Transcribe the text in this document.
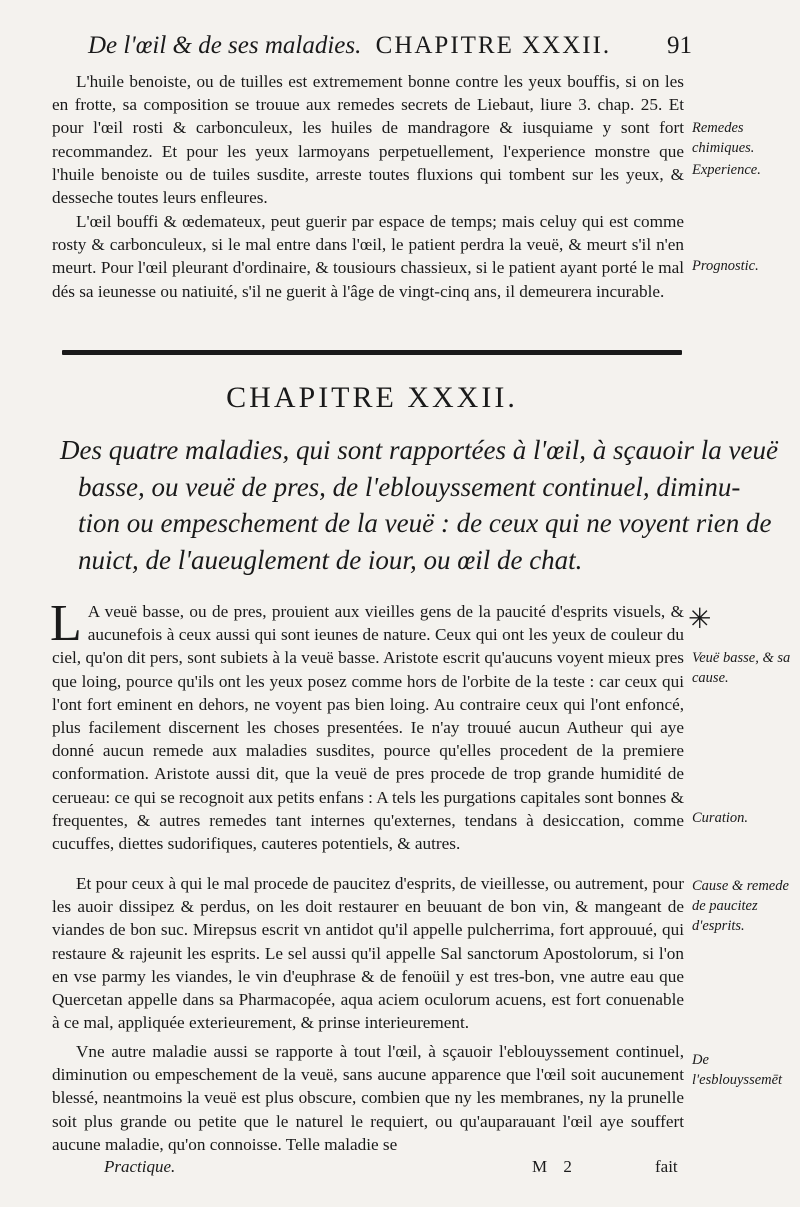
De l'œil & de ses maladies. CHAPITRE XXXII. 91

L'huile benoiste, ou de tuilles est extremement bonne contre les yeux bouffis, si on les en frotte, sa composition se trouue aux remedes secrets de Liebaut, liure 3. chap. 25. Et pour l'œil rosti & carbonculeux, les huiles de mandragore & iusquiame y sont fort recommandez. Et pour les yeux larmoyans perpetuellement, l'experience monstre que l'huile benoiste ou de tuiles susdite, arreste toutes fluxions qui tombent sur les yeux, & desseche toutes leurs enfleures.

L'œil bouffi & œdemateux, peut guerir par espace de temps; mais celuy qui est comme rosty & carbonculeux, si le mal entre dans l'œil, le patient perdra la veuë, & meurt s'il n'en meurt. Pour l'œil pleurant d'ordinaire, & tousiours chassieux, si le patient ayant porté le mal dés sa ieunesse ou natiuité, s'il ne guerit à l'âge de vingt-cinq ans, il demeurera incurable.

Remedes chimiques.

Experience.

Prognostic.

CHAPITRE XXXII.

Des quatre maladies, qui sont rapportées à l'œil, à sçauoir la veuë
basse, ou veuë de pres, de l'eblouyssement continuel, diminu-
tion ou empeschement de la veuë : de ceux qui ne voyent rien de
nuict, de l'aueuglement de iour, ou œil de chat.

L A veuë basse, ou de pres, prouient aux vieilles gens de la paucité d'esprits visuels, & aucunefois à ceux aussi qui sont ieunes de nature. Ceux qui ont les yeux de couleur du ciel, qu'on dit pers, sont subiets à la veuë basse. Aristote escrit qu'aucuns voyent mieux pres que loing, pource qu'ils ont les yeux posez comme hors de l'orbite de la teste : car ceux qui l'ont fort eminent en dehors, ne voyent pas bien loing. Au contraire ceux qui l'ont enfoncé, plus facilement discernent les choses presentées. Ie n'ay trouué aucun Autheur qui aye donné aucun remede aux maladies susdites, pource qu'elles procedent de la premiere conformation. Aristote aussi dit, que la veuë de pres procede de trop grande humidité de cerueau: ce qui se recognoit aux petits enfans : A tels les purgations capitales sont bonnes & frequentes, & autres remedes tant internes qu'externes, tendans à desiccation, comme cucuffes, diettes sudorifiques, cauteres potentiels, & autres.
✳

Veuë basse, & sa cause.

Curation.

Et pour ceux à qui le mal procede de paucitez d'esprits, de vieillesse, ou autrement, pour les auoir dissipez & perdus, on les doit restaurer en beuuant de bon vin, & mangeant de viandes de bon suc. Mirepsus escrit vn antidot qu'il appelle pulcherrima, fort approuué, qui restaure & rajeunit les esprits. Le sel aussi qu'il appelle Sal sanctorum Apostolorum, si l'on en vse parmy les viandes, le vin d'euphrase & de fenoüil y est tres-bon, vne autre eau que Quercetan appelle dans sa Pharmacopée, aqua aciem oculorum acuens, est fort conuenable à ce mal, appliquée exterieurement, & prinse interieurement.

Cause & remede de paucitez d'esprits.

Vne autre maladie aussi se rapporte à tout l'œil, à sçauoir l'eblouyssement continuel, diminution ou empeschement de la veuë, sans aucune apparence que l'œil soit aucunement blessé, neantmoins la veuë est plus obscure, combien que ny les membranes, ny la prunelle soit plus grande ou petite que le naturel le requiert, ou qu'auparauant l'œil aye souffert aucune maladie, qu'on connoisse. Telle maladie se

De l'esblouyssemēt

Practique.	M 2	fait
